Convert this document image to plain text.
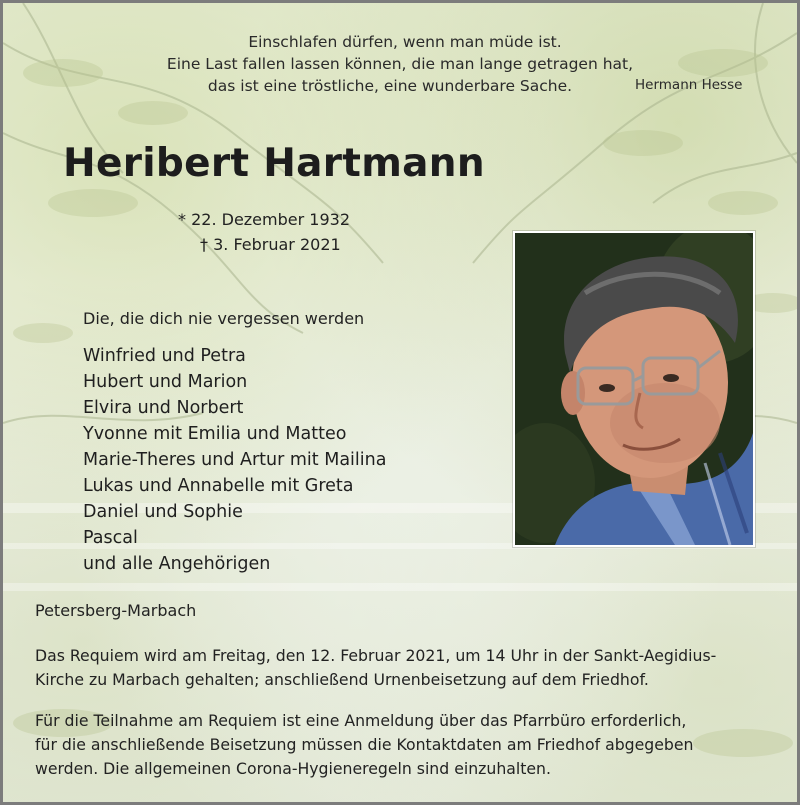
Einschlafen dürfen, wenn man müde ist.
Eine Last fallen lassen können, die man lange getragen hat,
das ist eine tröstliche, eine wunderbare Sache.	Hermann Hesse
Heribert Hartmann
* 22. Dezember 1932
† 3. Februar 2021
Die, die dich nie vergessen werden
Winfried und Petra
Hubert und Marion
Elvira und Norbert
Yvonne mit Emilia und Matteo
Marie-Theres und Artur mit Mailina
Lukas und Annabelle mit Greta
Daniel und Sophie
Pascal
und alle Angehörigen
Petersberg-Marbach
Das Requiem wird am Freitag, den 12. Februar 2021, um 14 Uhr in der Sankt-Aegidius-
Kirche zu Marbach gehalten; anschließend Urnenbeisetzung auf dem Friedhof.
Für die Teilnahme am Requiem ist eine Anmeldung über das Pfarrbüro erforderlich,
für die anschließende Beisetzung müssen die Kontaktdaten am Friedhof abgegeben
werden. Die allgemeinen Corona-Hygieneregeln sind einzuhalten.
